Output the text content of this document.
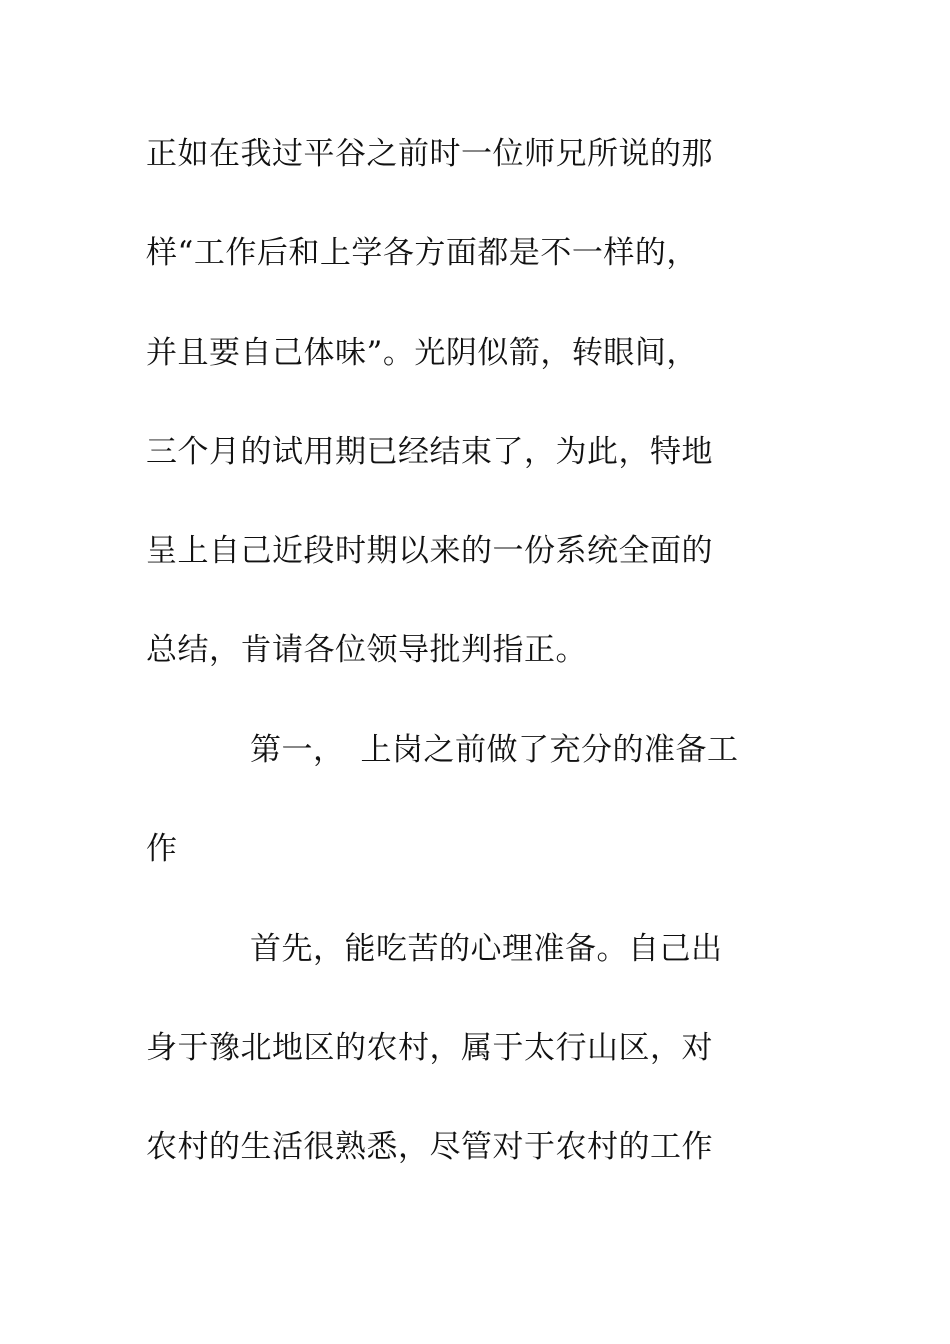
正如在我过平谷之前时一位师兄所说的那
样“工作后和上学各方面都是不一样的，
并且要自己体味”。光阴似箭，转眼间，
三个月的试用期已经结束了，为此，特地
呈上自己近段时期以来的一份系统全面的
总结，肯请各位领导批判指正。
第一，　上岗之前做了充分的准备工
作
首先，能吃苦的心理准备。自己出
身于豫北地区的农村，属于太行山区，对
农村的生活很熟悉，尽管对于农村的工作
